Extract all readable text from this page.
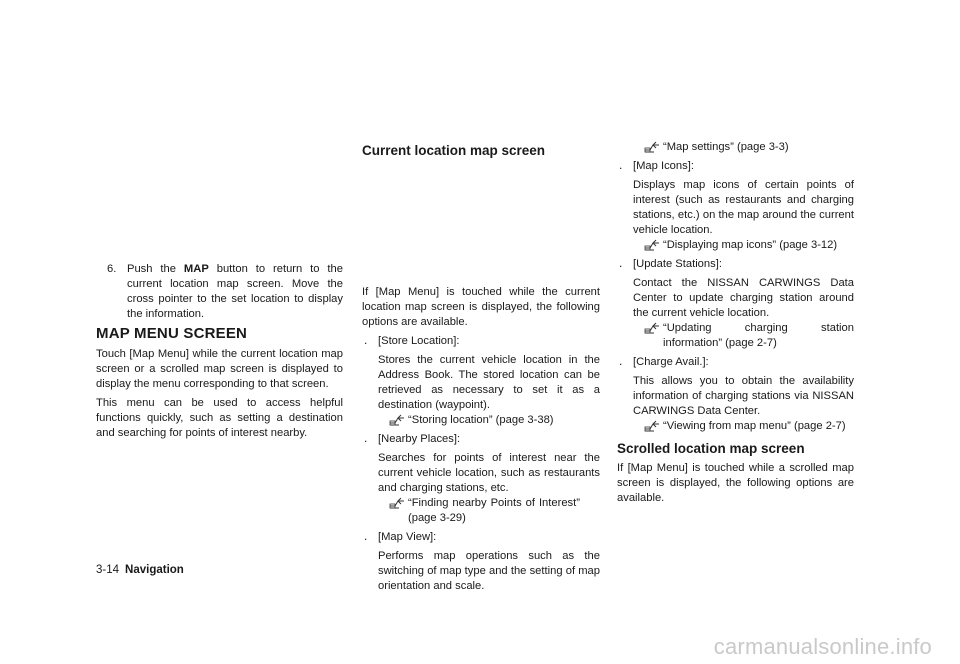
6. Push the MAP button to return to the current location map screen. Move the cross pointer to the set location to display the information.

MAP MENU SCREEN

Touch [Map Menu] while the current location map screen or a scrolled map screen is displayed to display the menu corresponding to that screen.

This menu can be used to access helpful functions quickly, such as setting a destination and searching for points of interest nearby.

Current location map screen

If [Map Menu] is touched while the current location map screen is displayed, the following options are available.

. [Store Location]:

Stores the current vehicle location in the Address Book. The stored location can be retrieved as necessary to set it as a destination (waypoint).

“Storing location” (page 3-38)

. [Nearby Places]:

Searches for points of interest near the current vehicle location, such as restaurants and charging stations, etc.

“Finding nearby Points of Interest” (page 3-29)

. [Map View]:

Performs map operations such as the switching of map type and the setting of map orientation and scale.

“Map settings” (page 3-3)

. [Map Icons]:

Displays map icons of certain points of interest (such as restaurants and charging stations, etc.) on the map around the current vehicle location.

“Displaying map icons” (page 3-12)

. [Update Stations]:

Contact the NISSAN CARWINGS Data Center to update charging station around the current vehicle location.

“Updating charging station information” (page 2-7)

. [Charge Avail.]:

This allows you to obtain the availability information of charging stations via NISSAN CARWINGS Data Center.

“Viewing from map menu” (page 2-7)

Scrolled location map screen

If [Map Menu] is touched while a scrolled map screen is displayed, the following options are available.

3-14 Navigation
carmanualsonline.info
